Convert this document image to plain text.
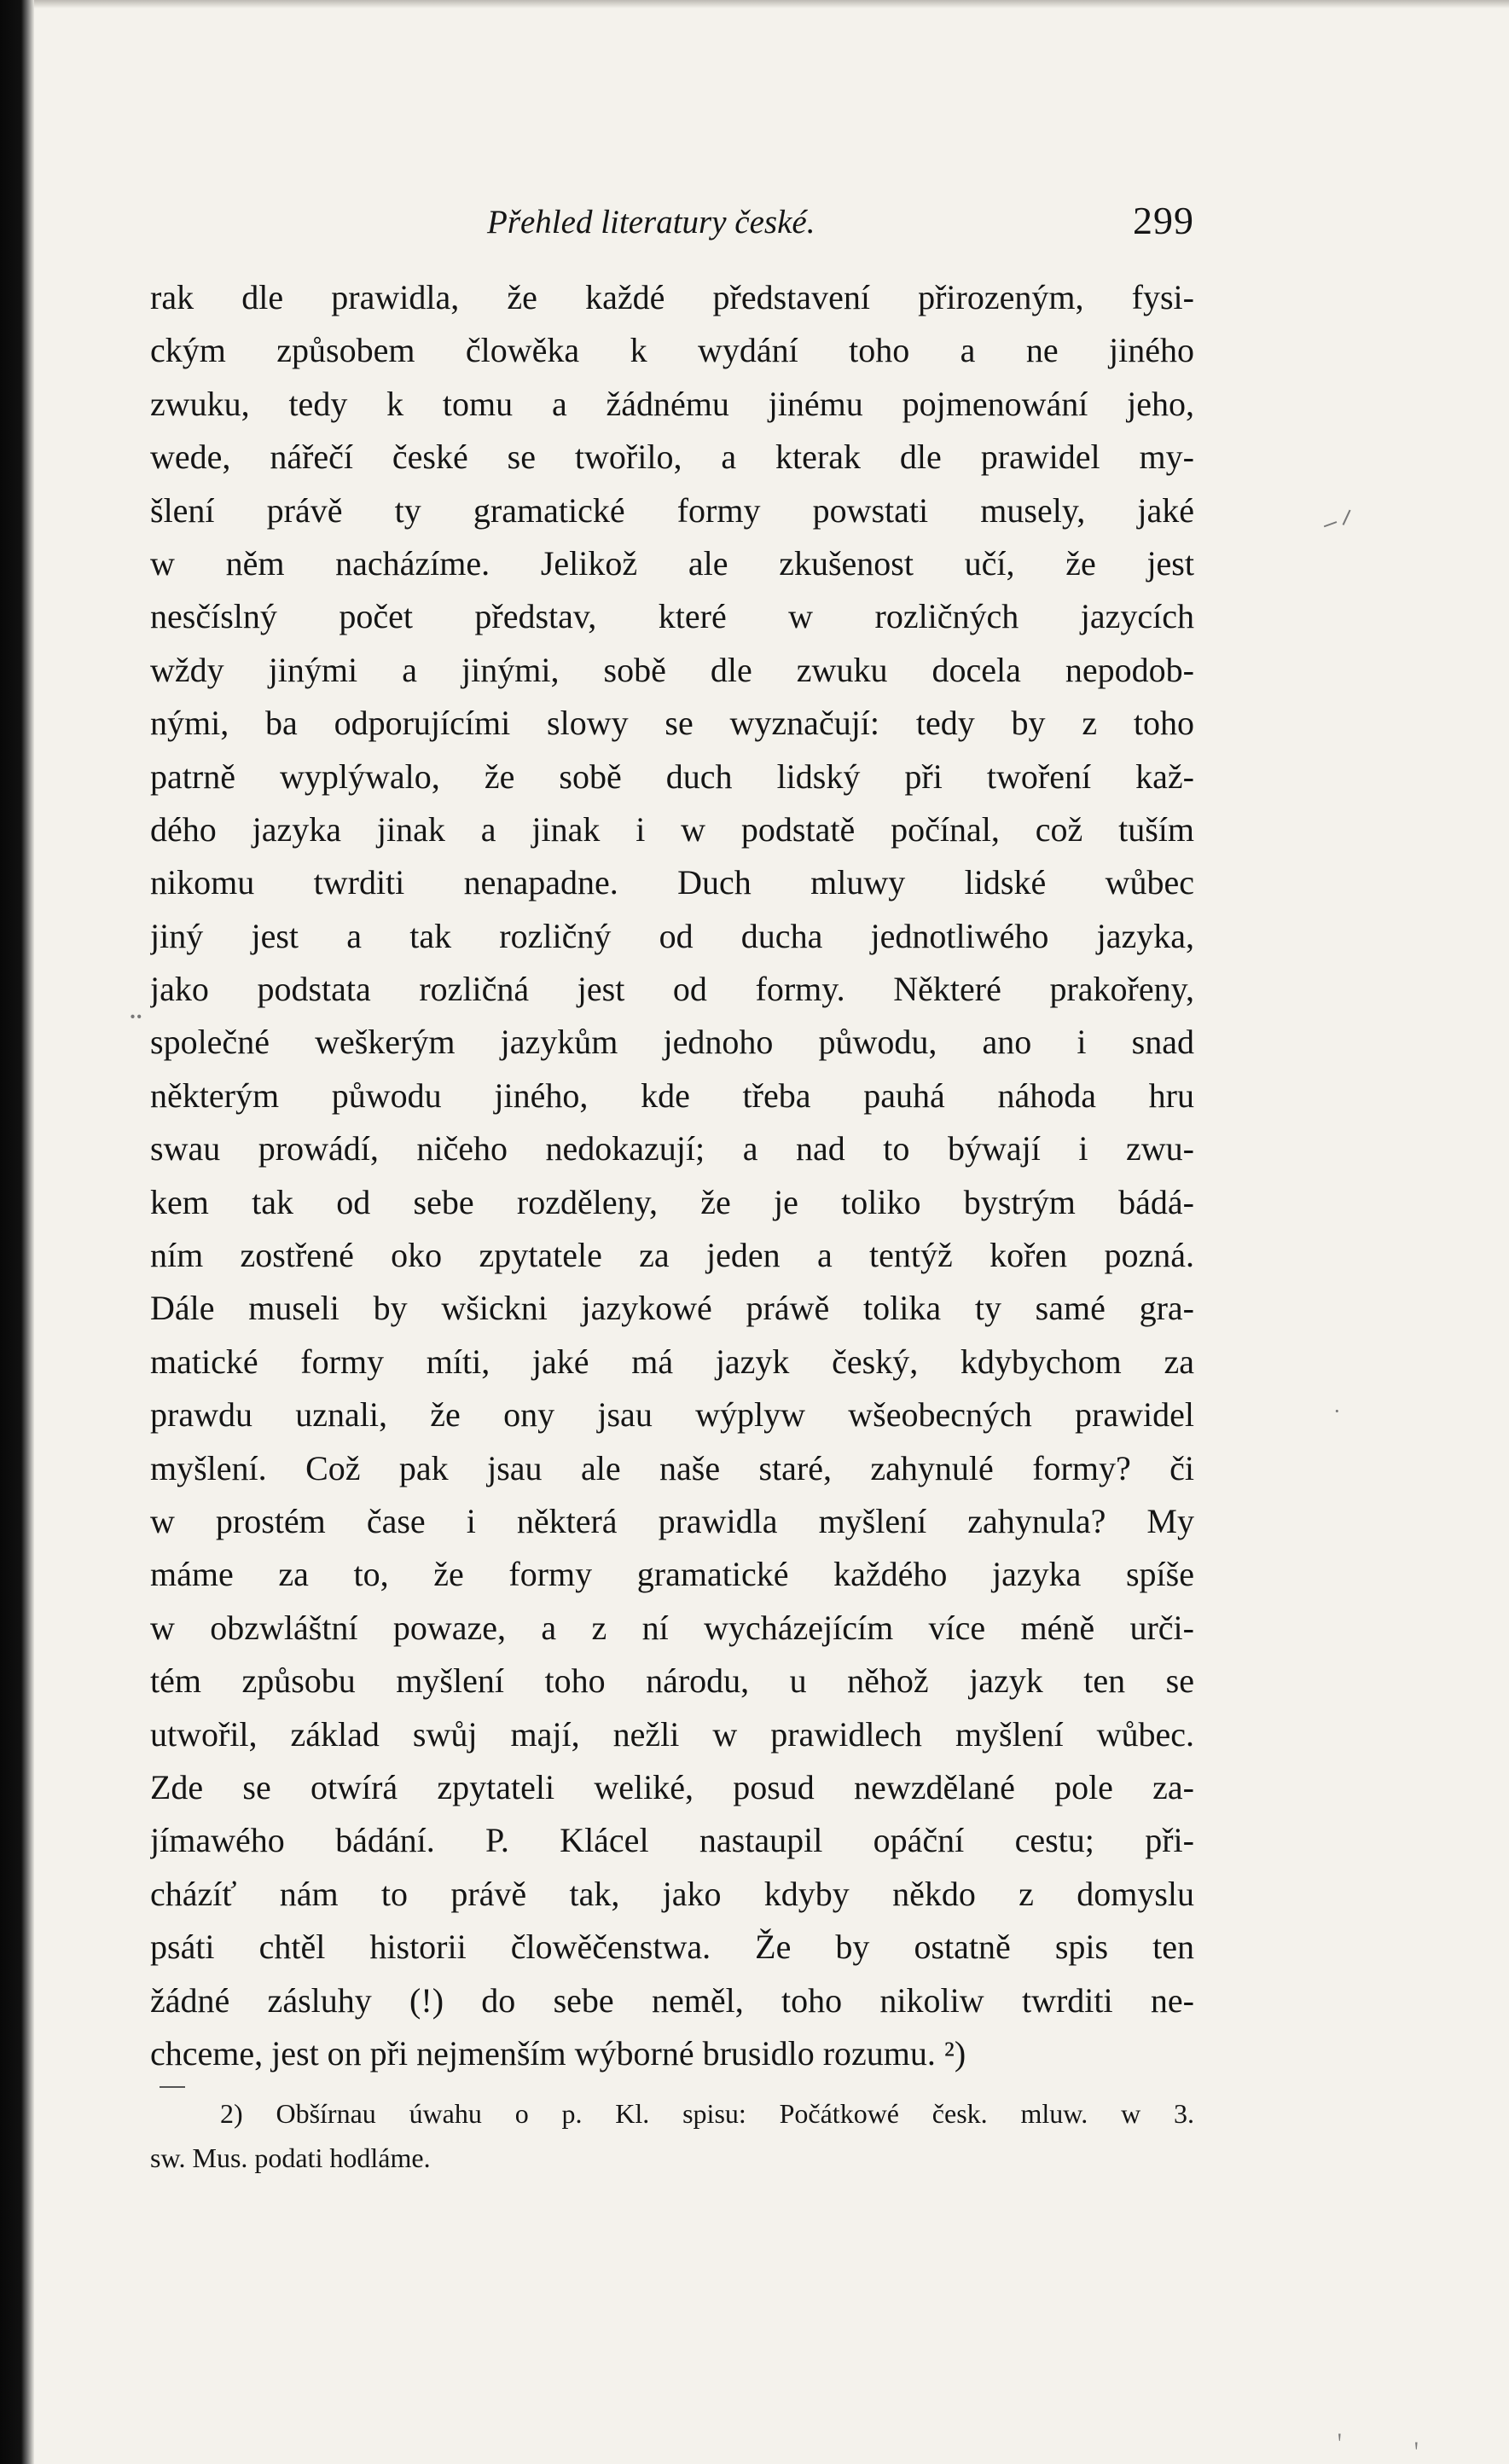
Přehled literatury české.	299
rak dle prawidla, že každé představení přirozeným, fysi-
ckým způsobem člowěka k wydání toho a ne jiného
zwuku, tedy k tomu a žádnému jinému pojmenowání jeho,
wede, nářečí české se twořilo, a kterak dle prawidel my-
šlení právě ty gramatické formy powstati musely, jaké
w něm nacházíme. Jelikož ale zkušenost učí, že jest
nesčíslný počet představ, které w rozličných jazycích
wždy jinými a jinými, sobě dle zwuku docela nepodob-
nými, ba odporujícími slowy se wyznačují: tedy by z toho
patrně wyplýwalo, že sobě duch lidský při twoření kaž-
dého jazyka jinak a jinak i w podstatě počínal, což tuším
nikomu twrditi nenapadne. Duch mluwy lidské wůbec
jiný jest a tak rozličný od ducha jednotliwého jazyka,
jako podstata rozličná jest od formy. Některé prakořeny,
společné weškerým jazykům jednoho půwodu, ano i snad
některým půwodu jiného, kde třeba pauhá náhoda hru
swau prowádí, ničeho nedokazují; a nad to býwají i zwu-
kem tak od sebe rozděleny, že je toliko bystrým bádá-
ním zostřené oko zpytatele za jeden a tentýž kořen pozná.
Dále museli by wšickni jazykowé práwě tolika ty samé gra-
matické formy míti, jaké má jazyk český, kdybychom za
prawdu uznali, že ony jsau wýplyw wšeobecných prawidel
myšlení. Což pak jsau ale naše staré, zahynulé formy? či
w prostém čase i některá prawidla myšlení zahynula? My
máme za to, že formy gramatické každého jazyka spíše
w obzwláštní powaze, a z ní wycházejícím více méně urči-
tém způsobu myšlení toho národu, u něhož jazyk ten se
utwořil, základ swůj mají, nežli w prawidlech myšlení wůbec.
Zde se otwírá zpytateli weliké, posud newzdělané pole za-
jímawého bádání. P. Klácel nastaupil opáční cestu; při-
cházíť nám to právě tak, jako kdyby někdo z domyslu
psáti chtěl historii člowěčenstwa. Že by ostatně spis ten
žádné zásluhy (!) do sebe neměl, toho nikoliw twrditi ne-
chceme, jest on při nejmenším wýborné brusidlo rozumu. ²)
2) Obšírnau úwahu o p. Kl. spisu: Počátkowé česk. mluw. w 3.
sw. Mus. podati hodláme.
⁻⸍
¨
·
ꞌ	ꞌ
